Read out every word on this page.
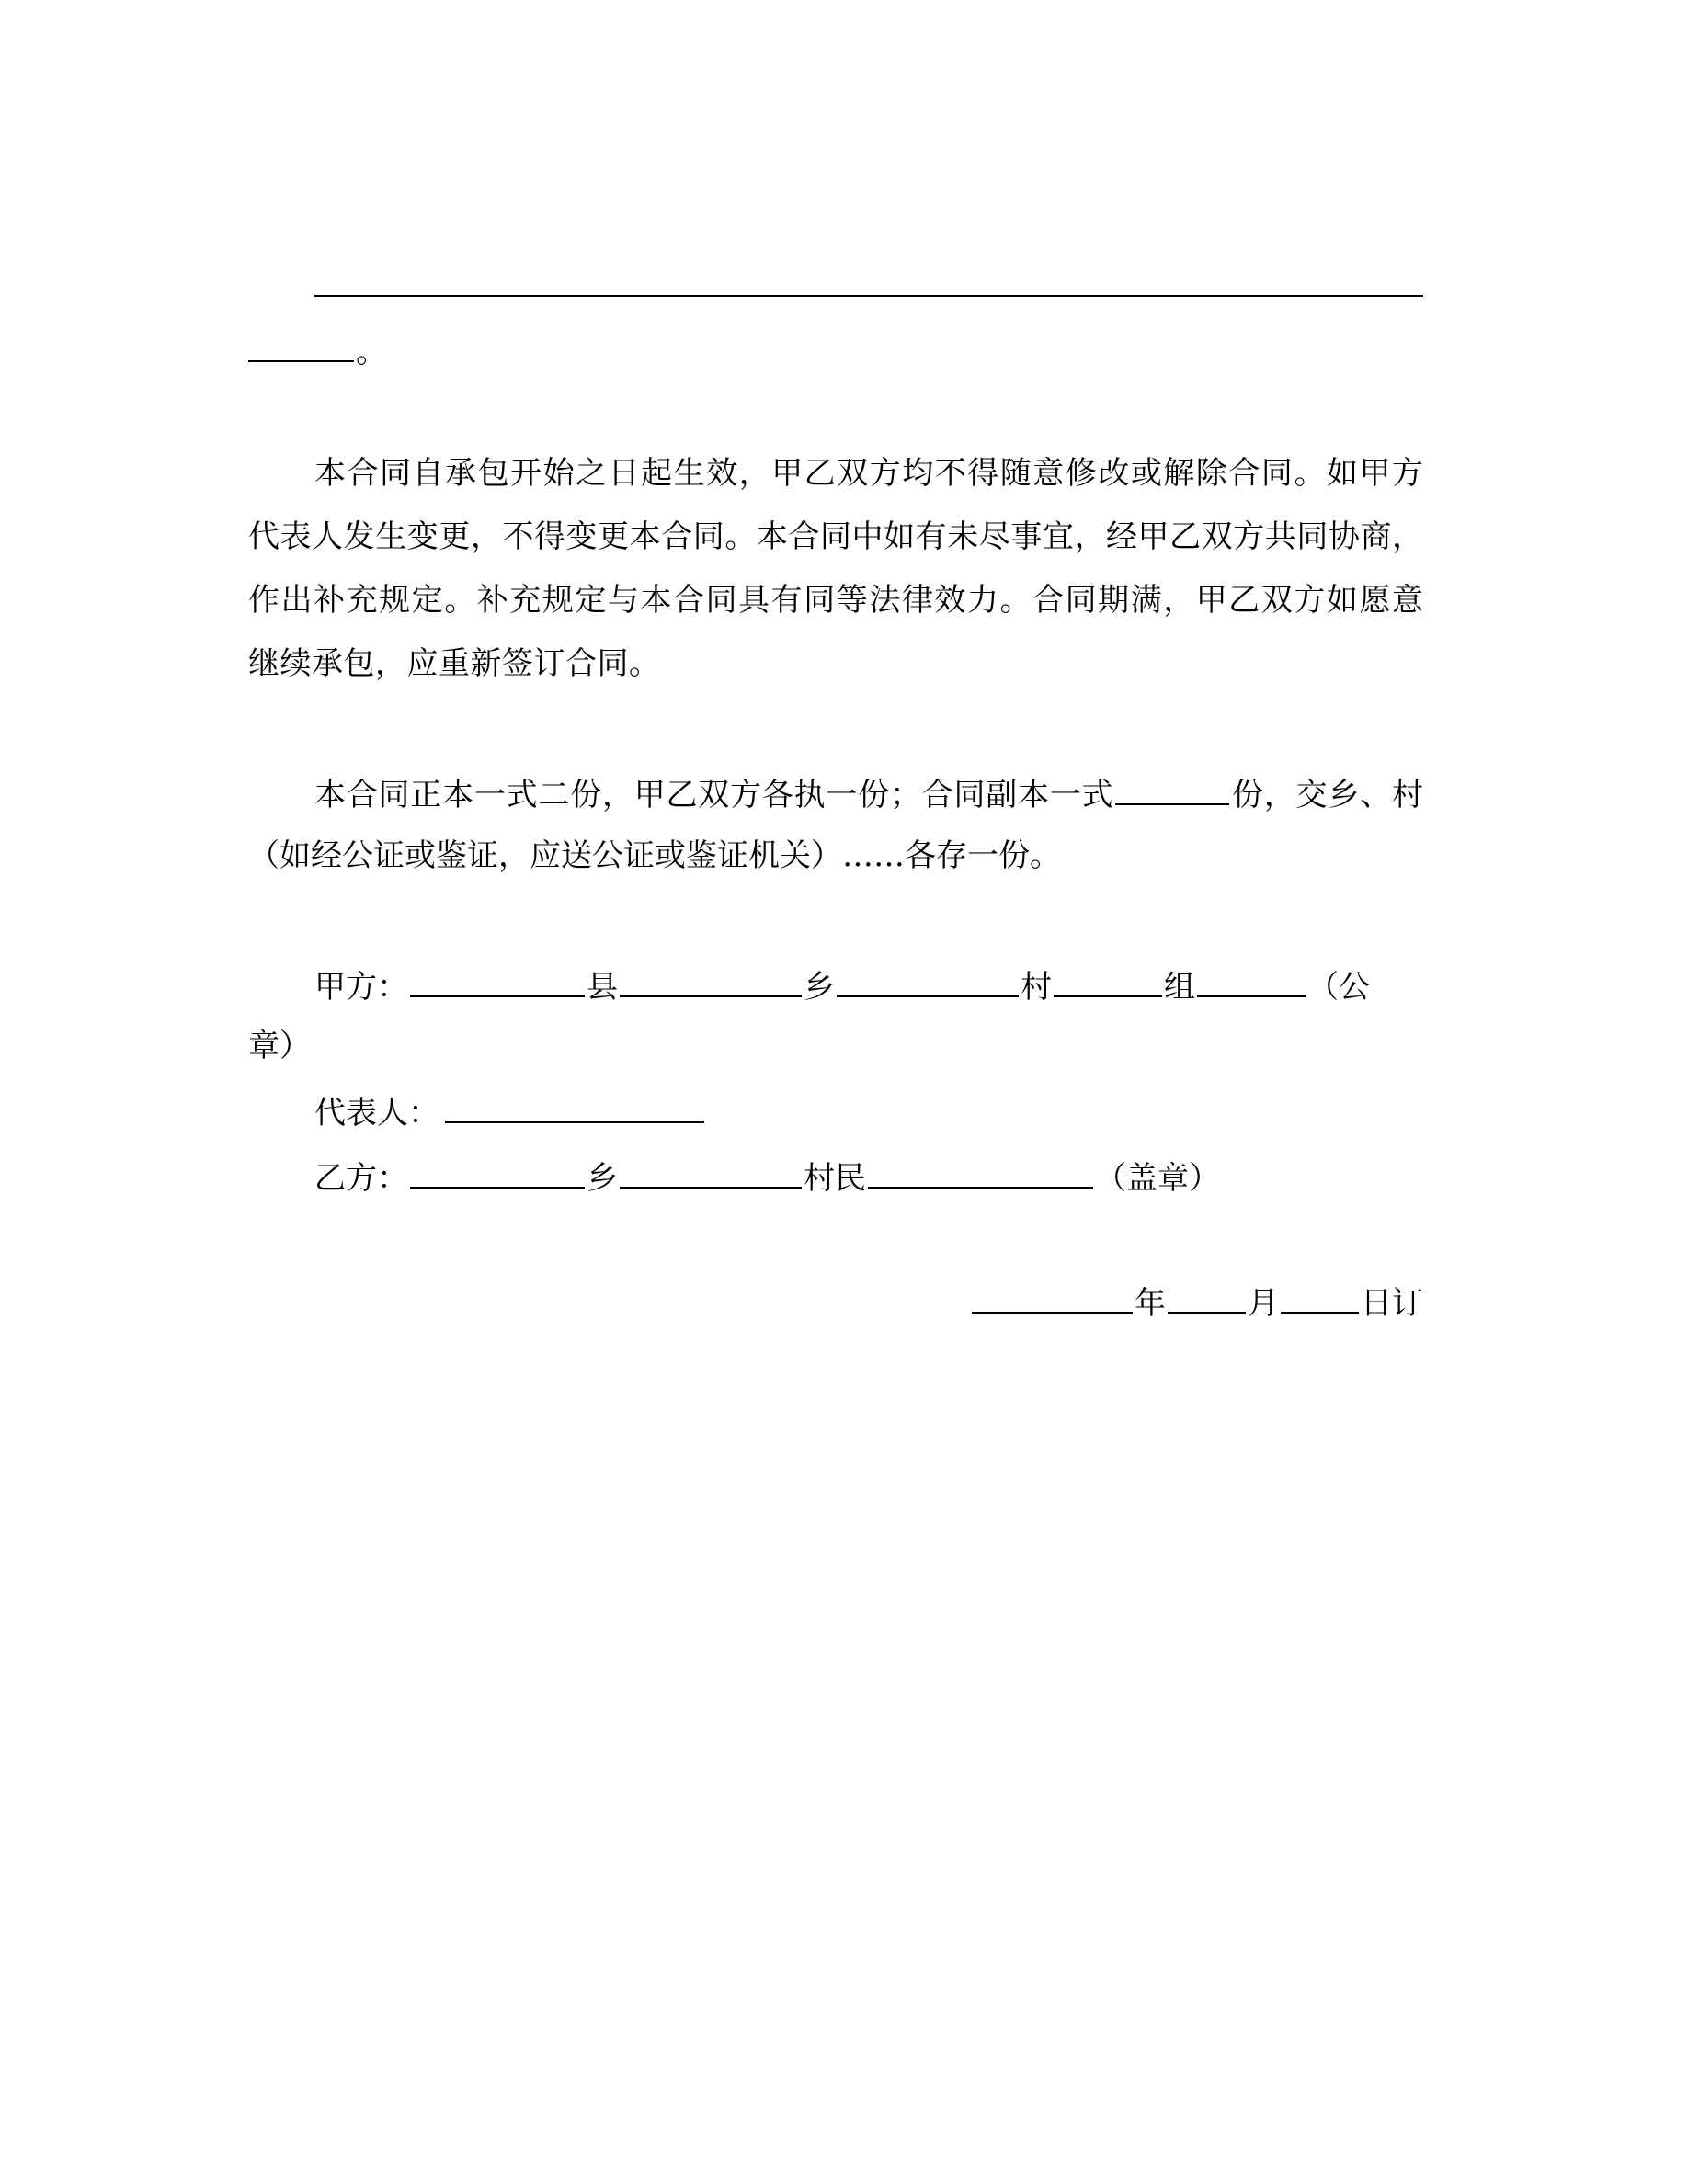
。
本合同自承包开始之日起生效，甲乙双方均不得随意修改或解除合同。如甲方
代表人发生变更，不得变更本合同。本合同中如有未尽事宜，经甲乙双方共同协商，
作出补充规定。补充规定与本合同具有同等法律效力。合同期满，甲乙双方如愿意
继续承包，应重新签订合同。
本合同正本一式二份，甲乙双方各执一份；合同副本一式	份，交乡、村
（如经公证或鉴证，应送公证或鉴证机关）……各存一份。
甲方：	县	乡	村	组	（公
章）
代表人：
乙方：	乡	村民	（盖章）
年	月	日订
